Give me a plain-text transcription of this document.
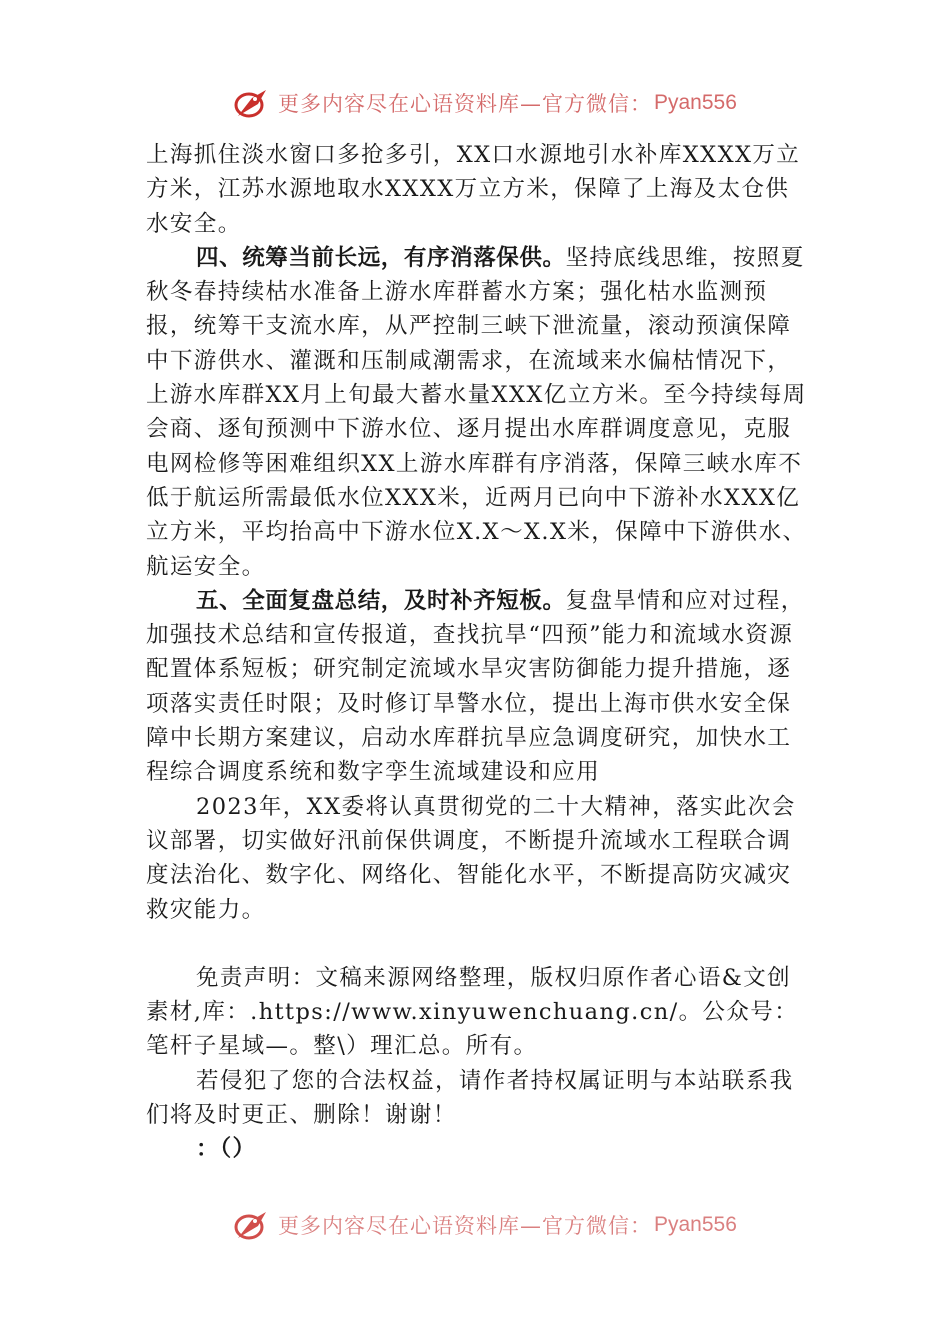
更多内容尽在心语资料库—官方微信： Pyan556

上海抓住淡水窗口多抢多引，XX口水源地引水补库XXXX万立方米，江苏水源地取水XXXX万立方米，保障了上海及太仓供水安全。

四、统筹当前长远，有序消落保供。坚持底线思维，按照夏秋冬春持续枯水准备上游水库群蓄水方案；强化枯水监测预报，统筹干支流水库，从严控制三峡下泄流量，滚动预演保障中下游供水、灌溉和压制咸潮需求，在流域来水偏枯情况下，上游水库群XX月上旬最大蓄水量XXX亿立方米。至今持续每周会商、逐旬预测中下游水位、逐月提出水库群调度意见，克服电网检修等困难组织XX上游水库群有序消落，保障三峡水库不低于航运所需最低水位XXX米，近两月已向中下游补水XXX亿立方米，平均抬高中下游水位X.X～X.X米，保障中下游供水、航运安全。

五、全面复盘总结，及时补齐短板。复盘旱情和应对过程，加强技术总结和宣传报道，查找抗旱“四预”能力和流域水资源配置体系短板；研究制定流域水旱灾害防御能力提升措施，逐项落实责任时限；及时修订旱警水位，提出上海市供水安全保障中长期方案建议，启动水库群抗旱应急调度研究，加快水工程综合调度系统和数字孪生流域建设和应用

2023年，XX委将认真贯彻党的二十大精神，落实此次会议部署，切实做好汛前保供调度，不断提升流域水工程联合调度法治化、数字化、网络化、智能化水平，不断提高防灾减灾救灾能力。

免责声明：文稿来源网络整理，版权归原作者心语&文创素材,库：.https://www.xinyuwenchuang.cn/。公众号：笔杆子星域—。整\）理汇总。所有。

若侵犯了您的合法权益，请作者持权属证明与本站联系我们将及时更正、删除！谢谢！

：（）

更多内容尽在心语资料库—官方微信： Pyan556
